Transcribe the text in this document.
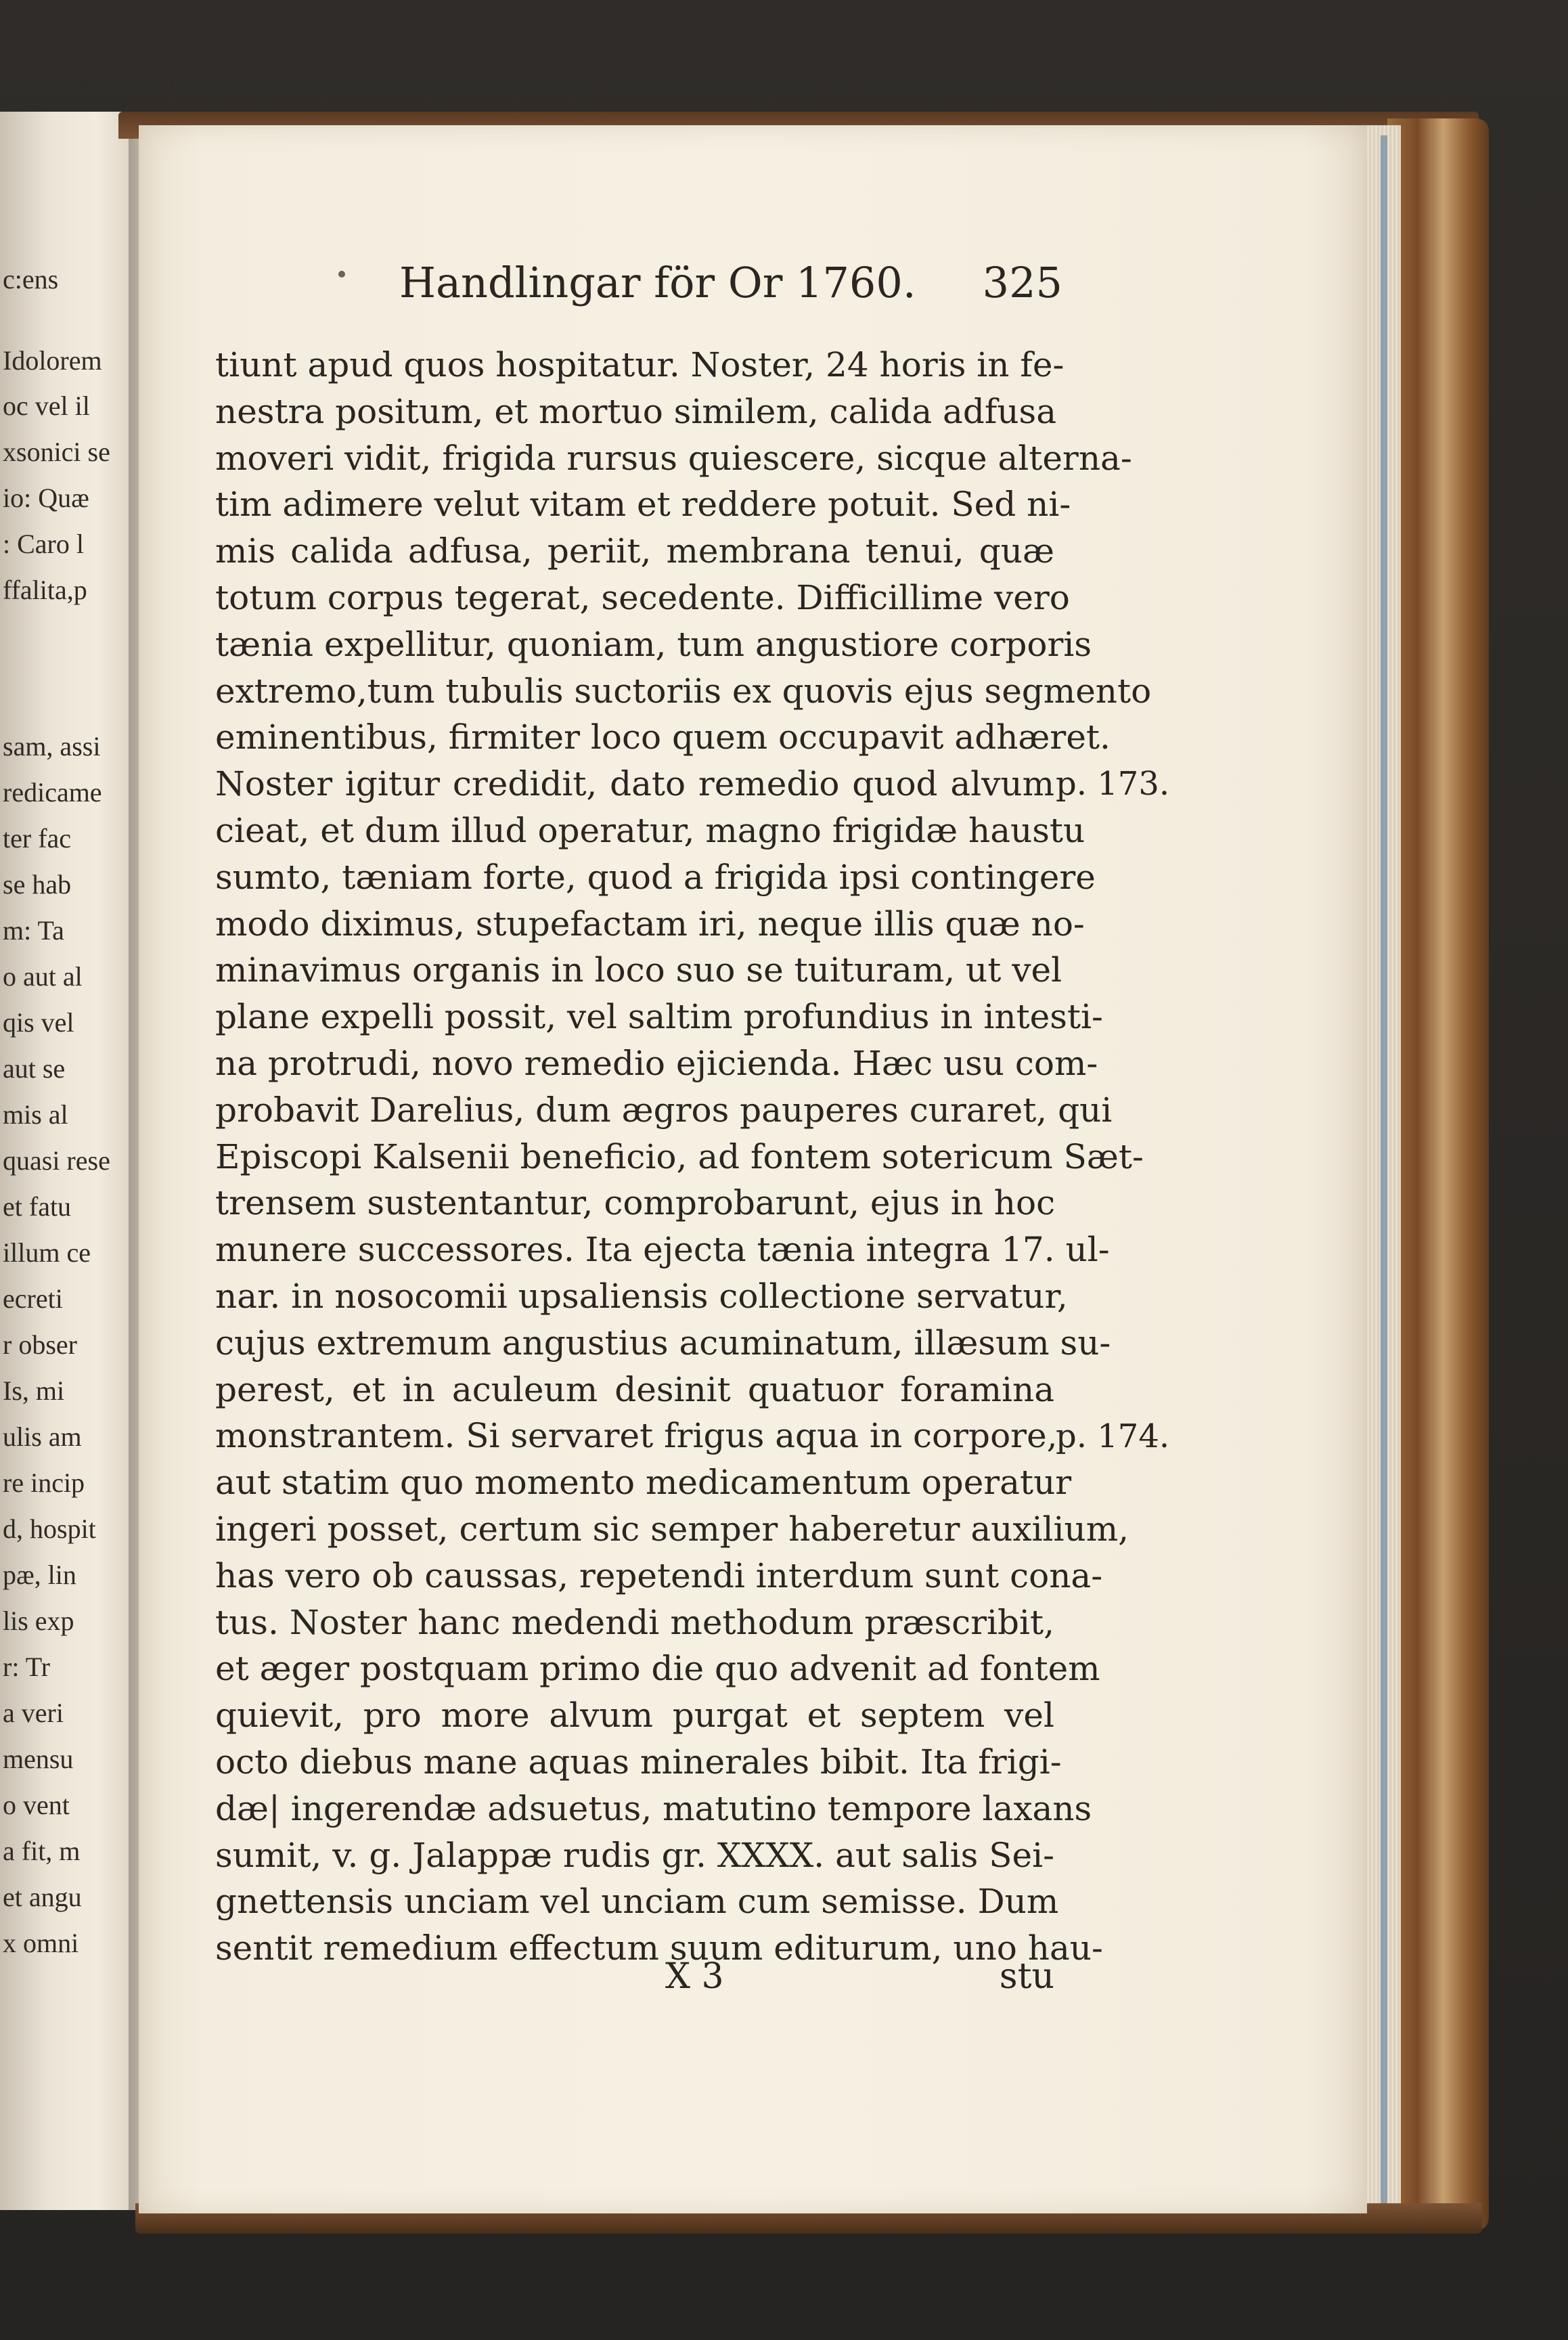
c:ens
Idolorem
oc vel il
xsonici se
io: Quæ
: Caro l
ffalita,p
sam, assi
redicame
ter fac
se hab
m: Ta
o aut al
qis vel
aut se
mis al
quasi rese
et fatu
illum ce
ecreti
r obser
Is, mi
ulis am
re incip
d, hospit
pæ, lin
lis exp
r: Tr
a veri
mensu
o vent
a fit, m
et angu
x omni
Handlingar för Or 1760. 325
tiunt apud quos hospitatur. Noster, 24 horis in fe-
nestra positum, et mortuo similem, calida adfusa
moveri vidit, frigida rursus quiescere, sicque alterna-
tim adimere velut vitam et reddere potuit. Sed ni-
mis calida adfusa, periit, membrana tenui, quæ
totum corpus tegerat, secedente. Difficillime vero
tænia expellitur, quoniam, tum angustiore corporis
extremo,tum tubulis suctoriis ex quovis ejus segmento
eminentibus, firmiter loco quem occupavit adhæret.
Noster igitur credidit, dato remedio quod alvum
cieat, et dum illud operatur, magno frigidæ haustu
sumto, tæniam forte, quod a frigida ipsi contingere
modo diximus, stupefactam iri, neque illis quæ no-
minavimus organis in loco suo se tuituram, ut vel
plane expelli possit, vel saltim profundius in intesti-
na protrudi, novo remedio ejicienda. Hæc usu com-
probavit Darelius, dum ægros pauperes curaret, qui
Episcopi Kalsenii beneficio, ad fontem sotericum Sæt-
trensem sustentantur, comprobarunt, ejus in hoc
munere successores. Ita ejecta tænia integra 17. ul-
nar. in nosocomii upsaliensis collectione servatur,
cujus extremum angustius acuminatum, illæsum su-
perest, et in aculeum desinit quatuor foramina
monstrantem. Si servaret frigus aqua in corpore,
aut statim quo momento medicamentum operatur
ingeri posset, certum sic semper haberetur auxilium,
has vero ob caussas, repetendi interdum sunt cona-
tus. Noster hanc medendi methodum præscribit,
et æger postquam primo die quo advenit ad fontem
quievit, pro more alvum purgat et septem vel
octo diebus mane aquas minerales bibit. Ita frigi-
dæ| ingerendæ adsuetus, matutino tempore laxans
sumit, v. g. Jalappæ rudis gr. XXXX. aut salis Sei-
gnettensis unciam vel unciam cum semisse. Dum
sentit remedium effectum suum editurum, uno hau-
p. 173.
p. 174.
X 3	stu
